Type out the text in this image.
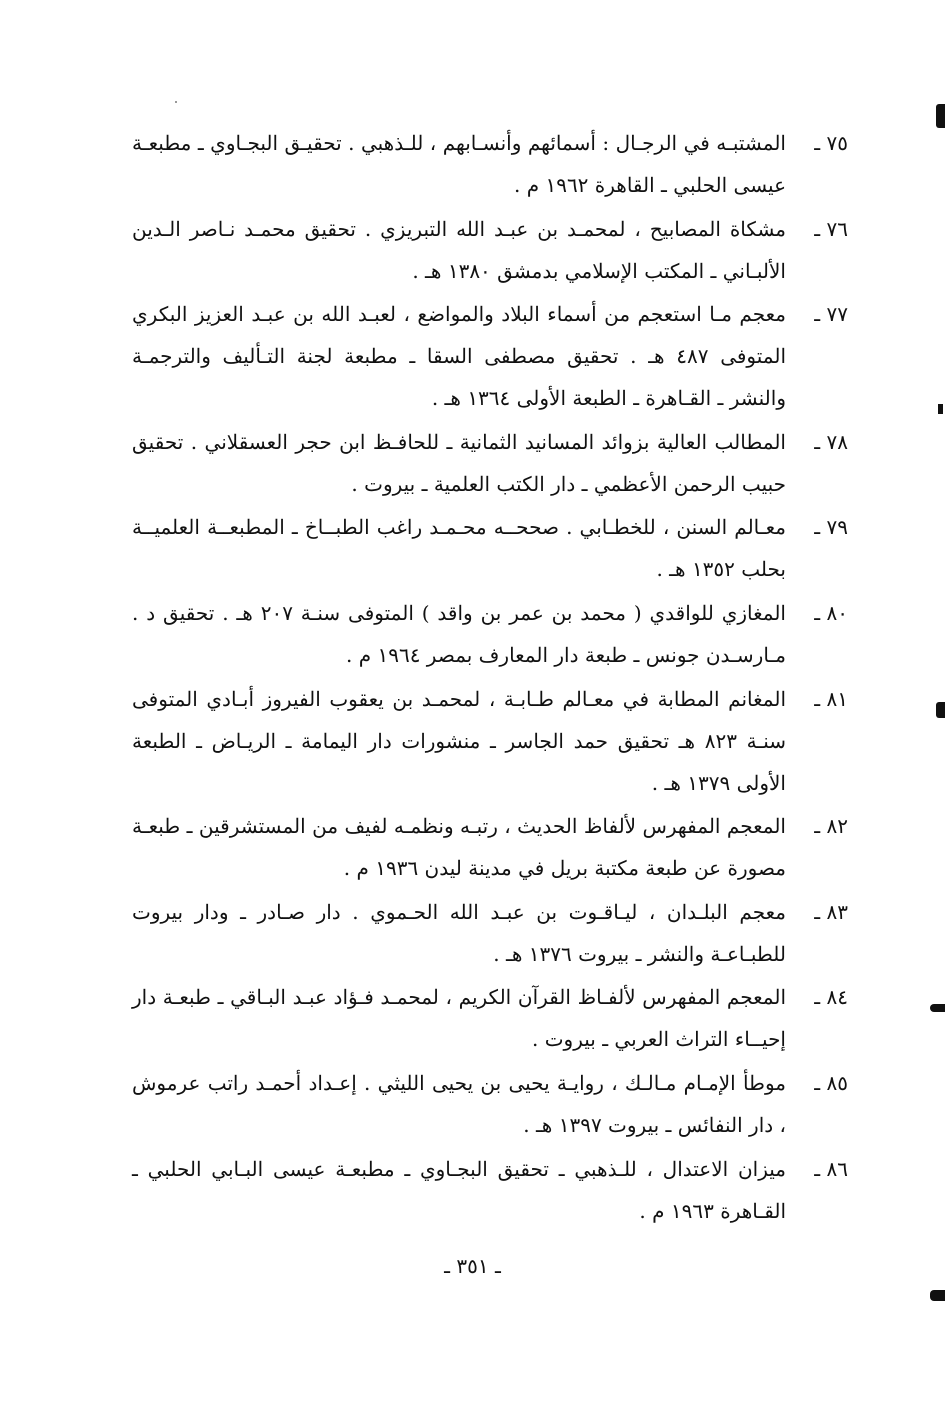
٧٥ ـ
المشتبـه في الرجـال : أسمائهم وأنسـابهم ، للـذهبي . تحقيـق البجـاوي ـ مطبعـة عيسى الحلبي ـ القاهرة ١٩٦٢ م .
٧٦ ـ
مشكاة المصابيح ، لمحمـد بن عبـد الله التبريزي . تحقيق محمـد نـاصر الـدين الألبـاني ـ المكتب الإسلامي بدمشق ١٣٨٠ هـ .
٧٧ ـ
معجم مـا استعجم من أسماء البلاد والمواضع ، لعبـد الله بن عبـد العزيز البكري المتوفى ٤٨٧ هـ . تحقيق مصطفى السقا ـ مطبعة لجنة التـأليف والترجمـة والنشر ـ القـاهرة ـ الطبعة الأولى ١٣٦٤ هـ .
٧٨ ـ
المطالب العالية بزوائد المسانيد الثمانية ـ للحافـظ ابن حجر العسقلاني . تحقيق حبيب الرحمن الأعظمي ـ دار الكتب العلمية ـ بيروت .
٧٩ ـ
معـالم السنن ، للخطـابي . صححــه محـمـد راغب الطبــاخ ـ المطبعــة العلميــة بحلب ١٣٥٢ هـ .
٨٠ ـ
المغازي للواقدي ( محمد بن عمر بن واقد ) المتوفى سنـة ٢٠٧ هـ . تحقيق د . مـارسـدن جونس ـ طبعة دار المعارف بمصر ١٩٦٤ م .
٨١ ـ
المغانم المطابة في معـالم طـابـة ، لمحمـد بن يعقوب الفيروز أبـادي المتوفى سنـة ٨٢٣ هـ تحقيق حمد الجاسر ـ منشورات دار اليمامة ـ الريـاض ـ الطبعة الأولى ١٣٧٩ هـ .
٨٢ ـ
المعجم المفهرس لألفاظ الحديث ، رتبـه ونظمـه لفيف من المستشرقين ـ طبعـة مصورة عن طبعة مكتبة بريل في مدينة ليدن ١٩٣٦ م .
٨٣ ـ
معجم البلـدان ، ليـاقـوت بن عبـد الله الحـموي . دار صـادر ـ ودار بيروت للطبـاعـة والنشر ـ بيروت ١٣٧٦ هـ .
٨٤ ـ
المعجم المفهرس لألفـاظ القرآن الكريم ، لمحمـد فـؤاد عبـد البـاقي ـ طبعـة دار إحيــاء التراث العربي ـ بيروت .
٨٥ ـ
موطأ الإمـام مـالـك ، روايـة يحيى بن يحيى الليثي . إعـداد أحمـد راتب عرموش ، دار النفائس ـ بيروت ١٣٩٧ هـ .
٨٦ ـ
ميزان الاعتدال ، للـذهبي ـ تحقيق البجـاوي ـ مطبعـة عيسى البـابي الحلبي ـ القـاهرة ١٩٦٣ م .
ـ ٣٥١ ـ
